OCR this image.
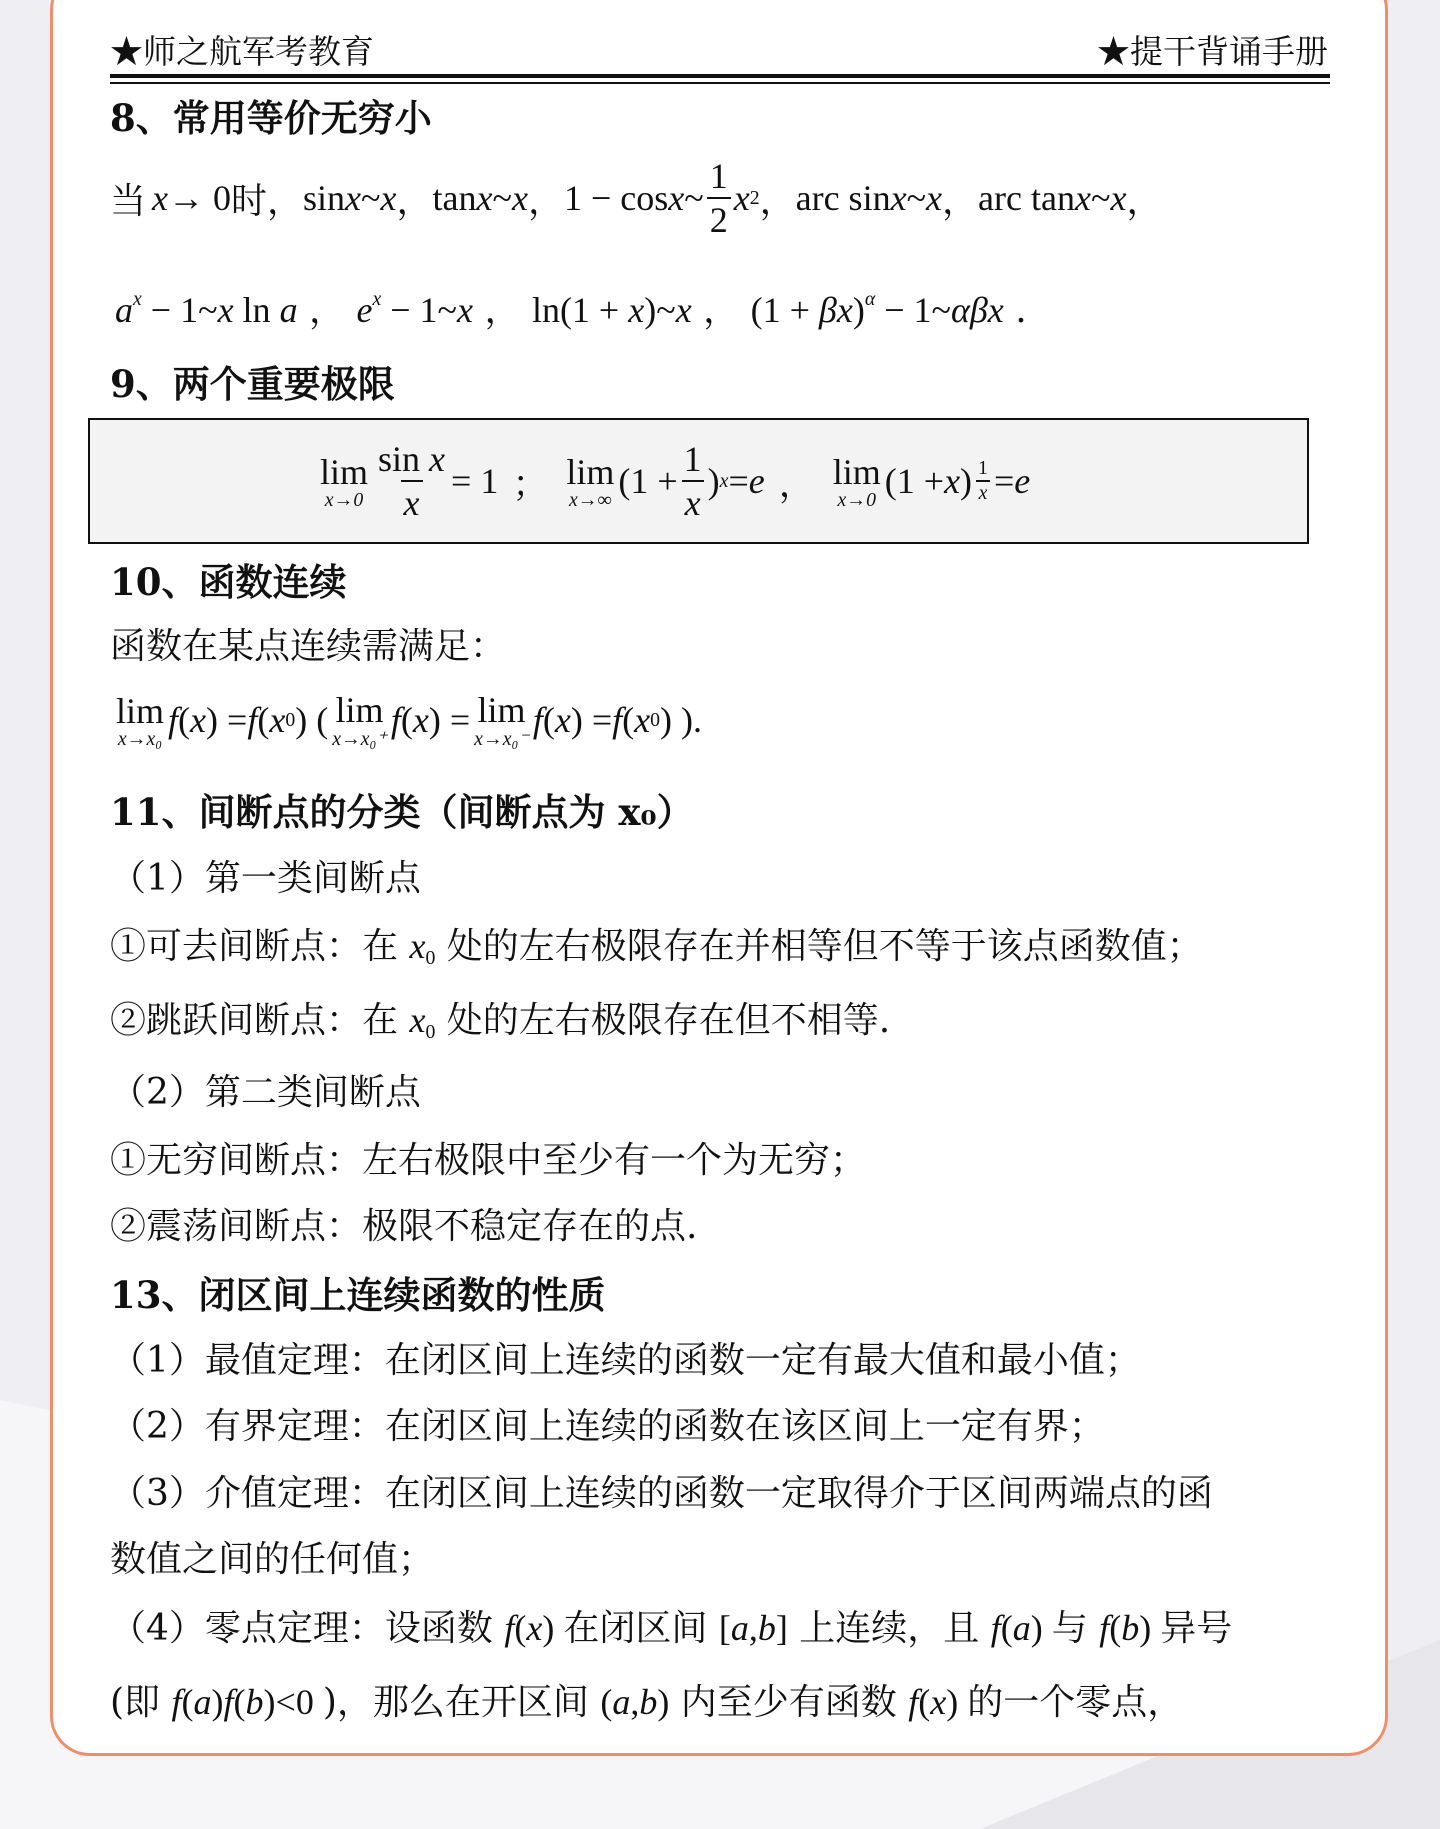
★师之航军考教育	★提干背诵手册
8、常用等价无穷小
当 x → 0 时， sin x ~ x ， tan x ~ x ， 1 − cos x ~ $\frac{1}{2}$ x 2 ， arc sin x ~ x ， arc tan x ~ x ，
$a^x$ − 1~x ln a ， $e^x$ − 1~x ， ln(1 + x)~x ， $(1 + \beta x)^\alpha$ − 1~αβx .
9、两个重要极限
lim
$x\to 0 \frac{\text{sin x}}{x} = 1$ ； lim
x→∞ ($1 + \frac{1}{x}$ ) x = e ， lim
x→0 (1 + x ) $\frac{1}{x} = e$
10、函数连续
函数在某点连续需满足：
lim
x→x₀ f ( x ) = f ( x 0 ) ( lim
x→x₀⁺ f ( x ) = lim
x→x₀⁻ f ( x ) = f ( x 0 ) ).
11、间断点的分类（间断点为 x₀）
（1）第一类间断点
①可去间断点：在 $x_0$ 处的左右极限存在并相等但不等于该点函数值；
②跳跃间断点：在 $x_0$ 处的左右极限存在但不相等.
（2）第二类间断点
①无穷间断点：左右极限中至少有一个为无穷；
②震荡间断点：极限不稳定存在的点.
13、闭区间上连续函数的性质
（1）最值定理：在闭区间上连续的函数一定有最大值和最小值；
（2）有界定理：在闭区间上连续的函数在该区间上一定有界；
（3）介值定理：在闭区间上连续的函数一定取得介于区间两端点的函
数值之间的任何值；
（4）零点定理：设函数 f(x) 在闭区间 [a,b] 上连续，且 f(a) 与 f(b) 异号
(即 f(a)f(b)<0 )，那么在开区间 (a,b) 内至少有函数 f(x) 的一个零点，
